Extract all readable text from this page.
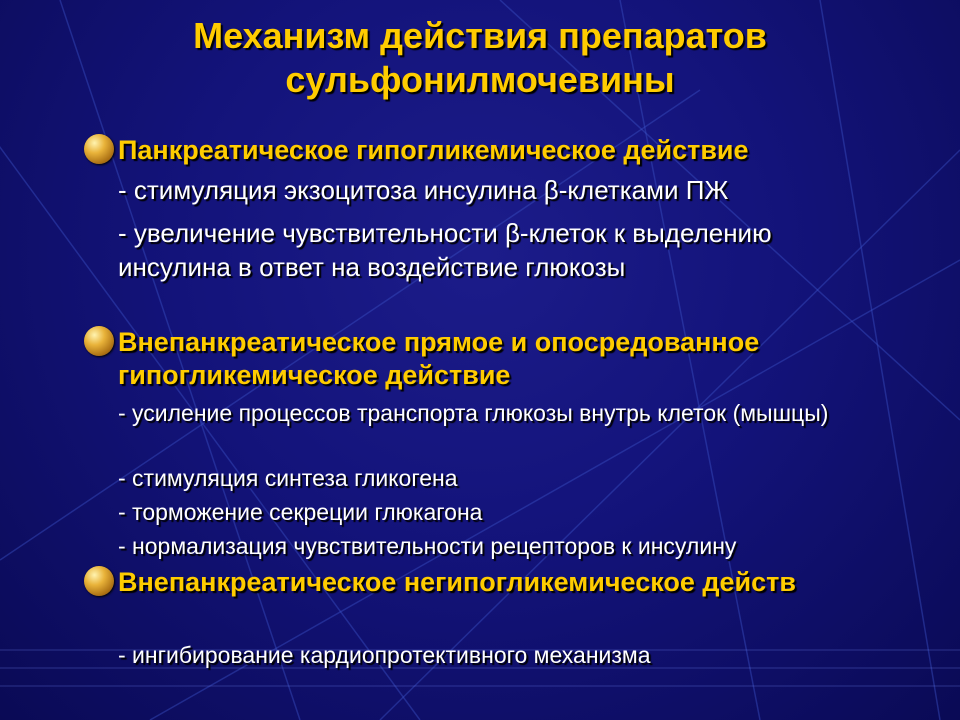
Механизм действия препаратов
сульфонилмочевины
Панкреатическое гипогликемическое действие
- стимуляция экзоцитоза инсулина β-клетками ПЖ
- увеличение чувствительности β-клеток к выделению инсулина в ответ на воздействие глюкозы
Внепанкреатическое прямое и опосредованное гипогликемическое действие
- усиление процессов транспорта глюкозы внутрь клеток (мышцы)
- стимуляция синтеза гликогена
- торможение секреции глюкагона
- нормализация чувствительности рецепторов к инсулину
Внепанкреатическое негипогликемическое действ
- ингибирование кардиопротективного механизма
